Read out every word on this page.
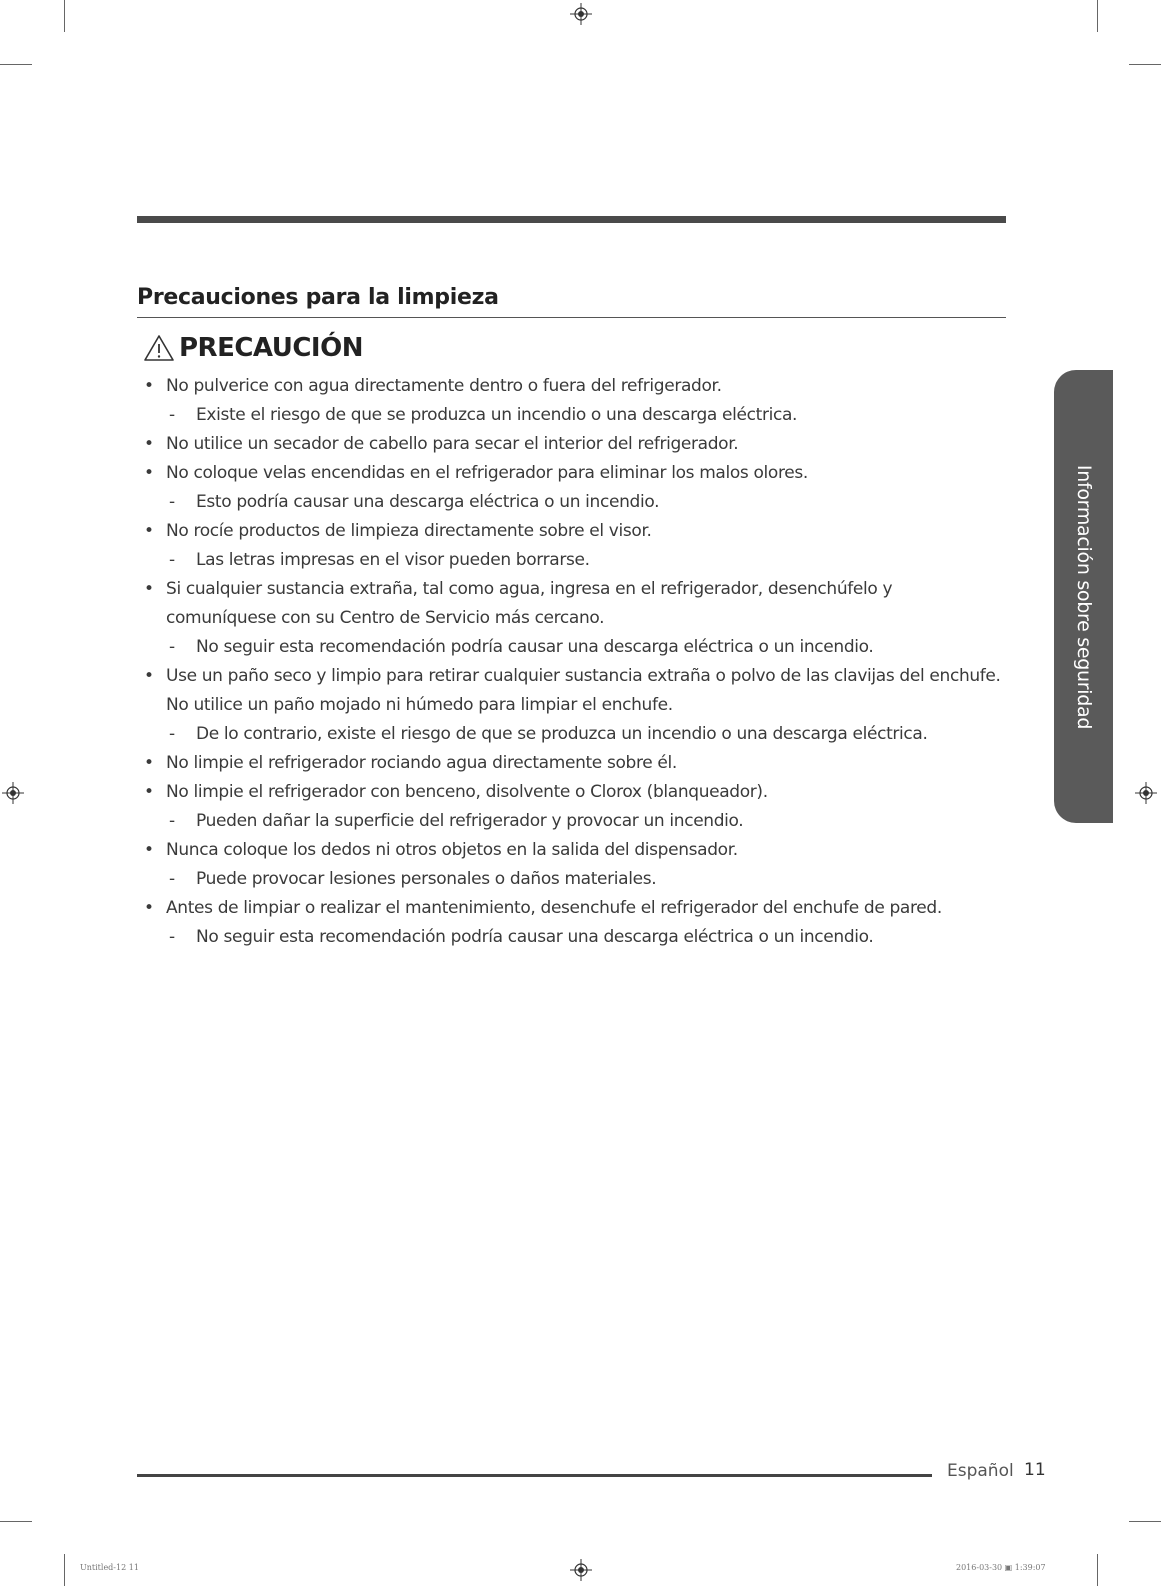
Precauciones para la limpieza
PRECAUCIÓN
• No pulverice con agua directamente dentro o fuera del refrigerador.
- Existe el riesgo de que se produzca un incendio o una descarga eléctrica.
• No utilice un secador de cabello para secar el interior del refrigerador.
• No coloque velas encendidas en el refrigerador para eliminar los malos olores.
- Esto podría causar una descarga eléctrica o un incendio.
• No rocíe productos de limpieza directamente sobre el visor.
- Las letras impresas en el visor pueden borrarse.
• Si cualquier sustancia extraña, tal como agua, ingresa en el refrigerador, desenchúfelo y comuníquese con su Centro de Servicio más cercano.
- No seguir esta recomendación podría causar una descarga eléctrica o un incendio.
• Use un paño seco y limpio para retirar cualquier sustancia extraña o polvo de las clavijas del enchufe. No utilice un paño mojado ni húmedo para limpiar el enchufe.
- De lo contrario, existe el riesgo de que se produzca un incendio o una descarga eléctrica.
• No limpie el refrigerador rociando agua directamente sobre él.
• No limpie el refrigerador con benceno, disolvente o Clorox (blanqueador).
- Pueden dañar la superficie del refrigerador y provocar un incendio.
• Nunca coloque los dedos ni otros objetos en la salida del dispensador.
- Puede provocar lesiones personales o daños materiales.
• Antes de limpiar o realizar el mantenimiento, desenchufe el refrigerador del enchufe de pared.
- No seguir esta recomendación podría causar una descarga eléctrica o un incendio.
Información sobre seguridad
Español 11
Untitled-12 11	2016-03-30 ▣ 1:39:07
